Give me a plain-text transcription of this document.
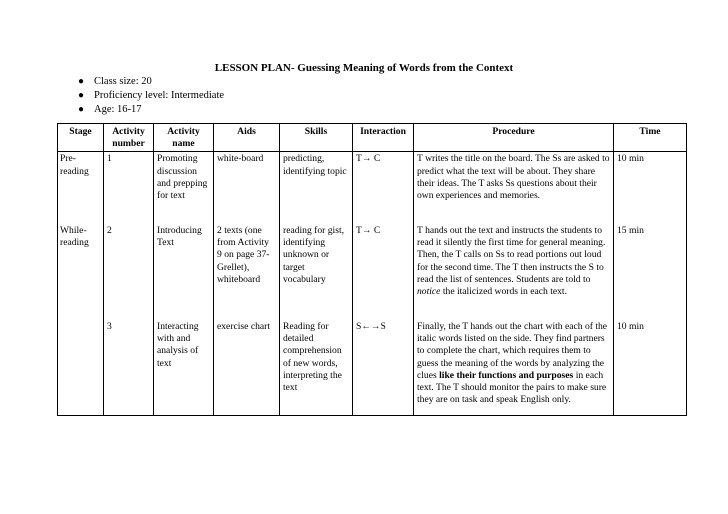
LESSON PLAN- Guessing Meaning of Words from the Context
● Class size: 20
● Proficiency level: Intermediate
● Age: 16-17
Stage	Activity number	Activity name	Aids	Skills	Interaction	Procedure	Time
Pre-reading	1	Promoting discussion and prepping for text	white-board	predicting, identifying topic	T→ C	T writes the title on the board. The Ss are asked to predict what the text will be about. They share their ideas. The T asks Ss questions about their own experiences and memories.	10 min
While-reading	2	Introducing Text	2 texts (one from Activity 9 on page 37-Grellet), whiteboard	reading for gist, identifying unknown or target vocabulary	T→ C	T hands out the text and instructs the students to read it silently the first time for general meaning. Then, the T calls on Ss to read portions out loud for the second time. The T then instructs the S to read the list of sentences. Students are told to notice the italicized words in each text.	15 min
	3	Interacting with and analysis of text	exercise chart	Reading for detailed comprehension of new words, interpreting the text	S←→S	Finally, the T hands out the chart with each of the italic words listed on the side. They find partners to complete the chart, which requires them to guess the meaning of the words by analyzing the clues like their functions and purposes in each text. The T should monitor the pairs to make sure they are on task and speak English only.	10 min
